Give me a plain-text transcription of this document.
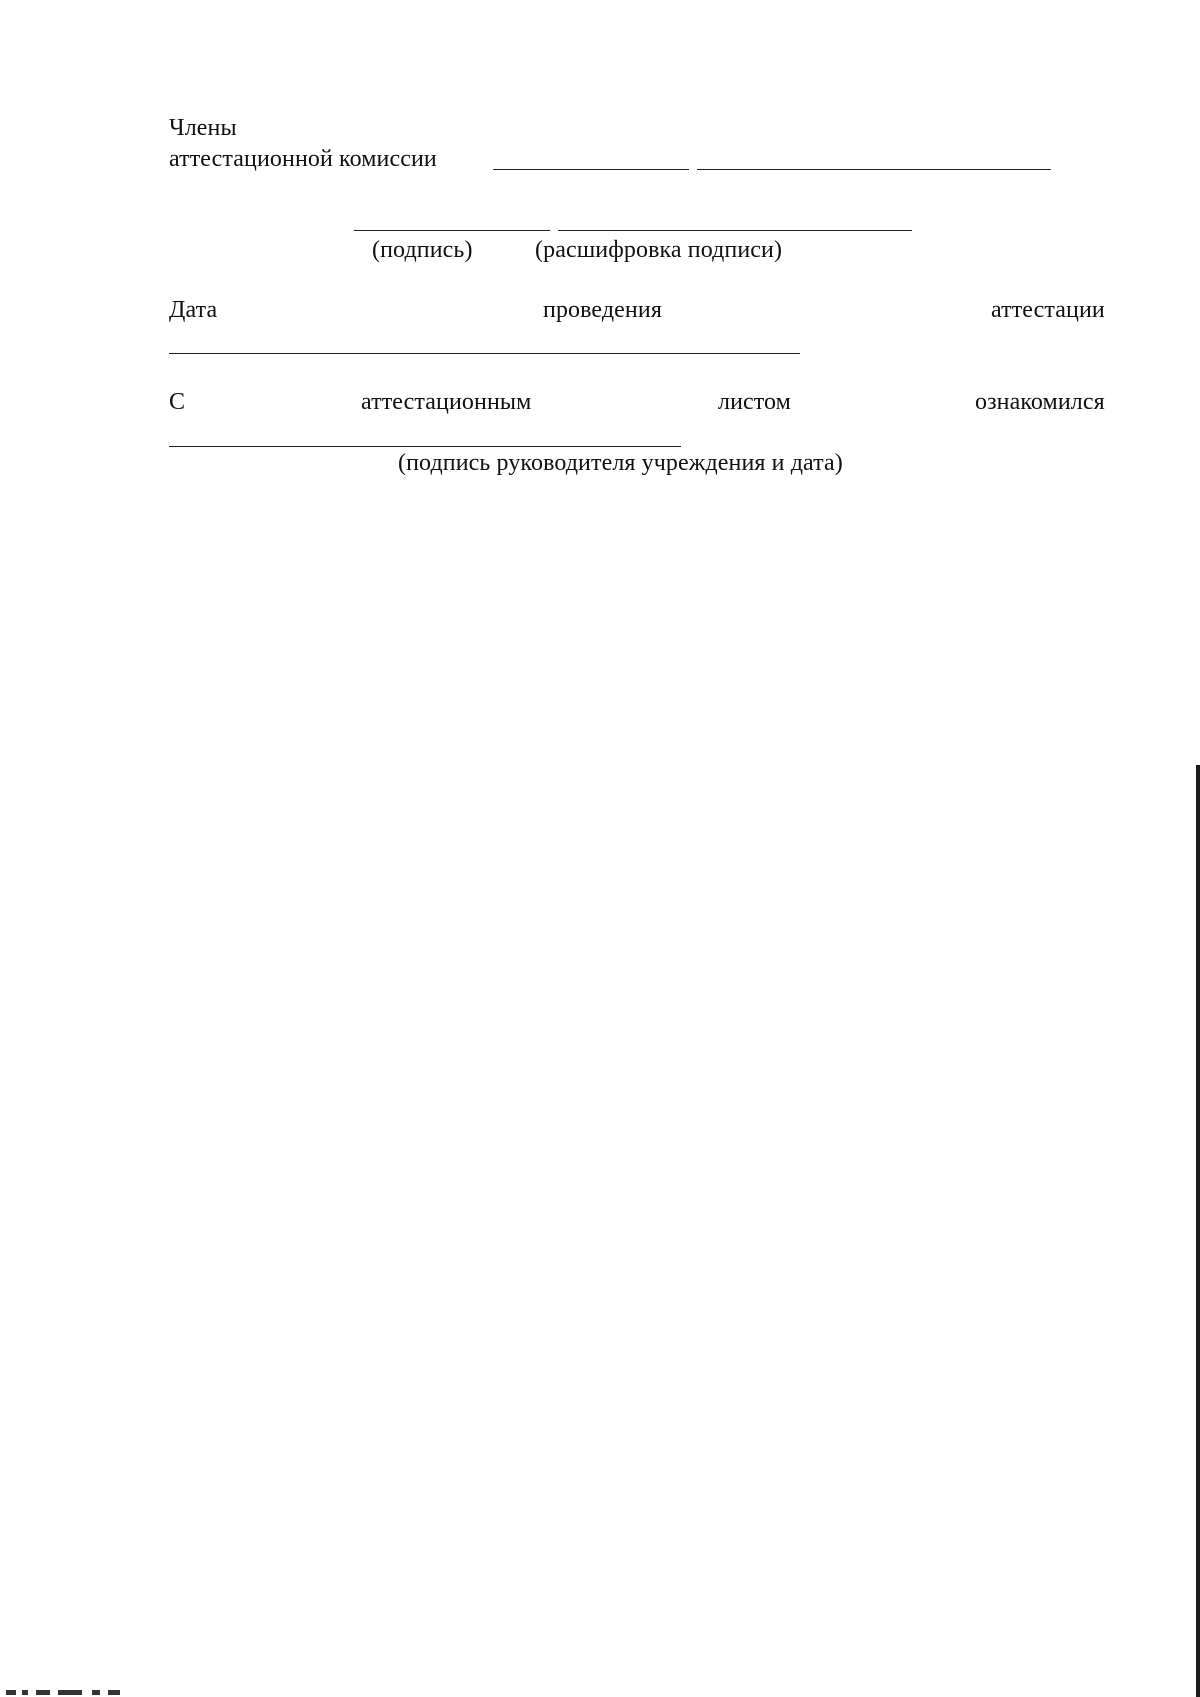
Члены
аттестационной комиссии
(подпись)	(расшифровка подписи)
Дата	проведения	аттестации
С	аттестационным	листом	ознакомился
(подпись руководителя учреждения и дата)
